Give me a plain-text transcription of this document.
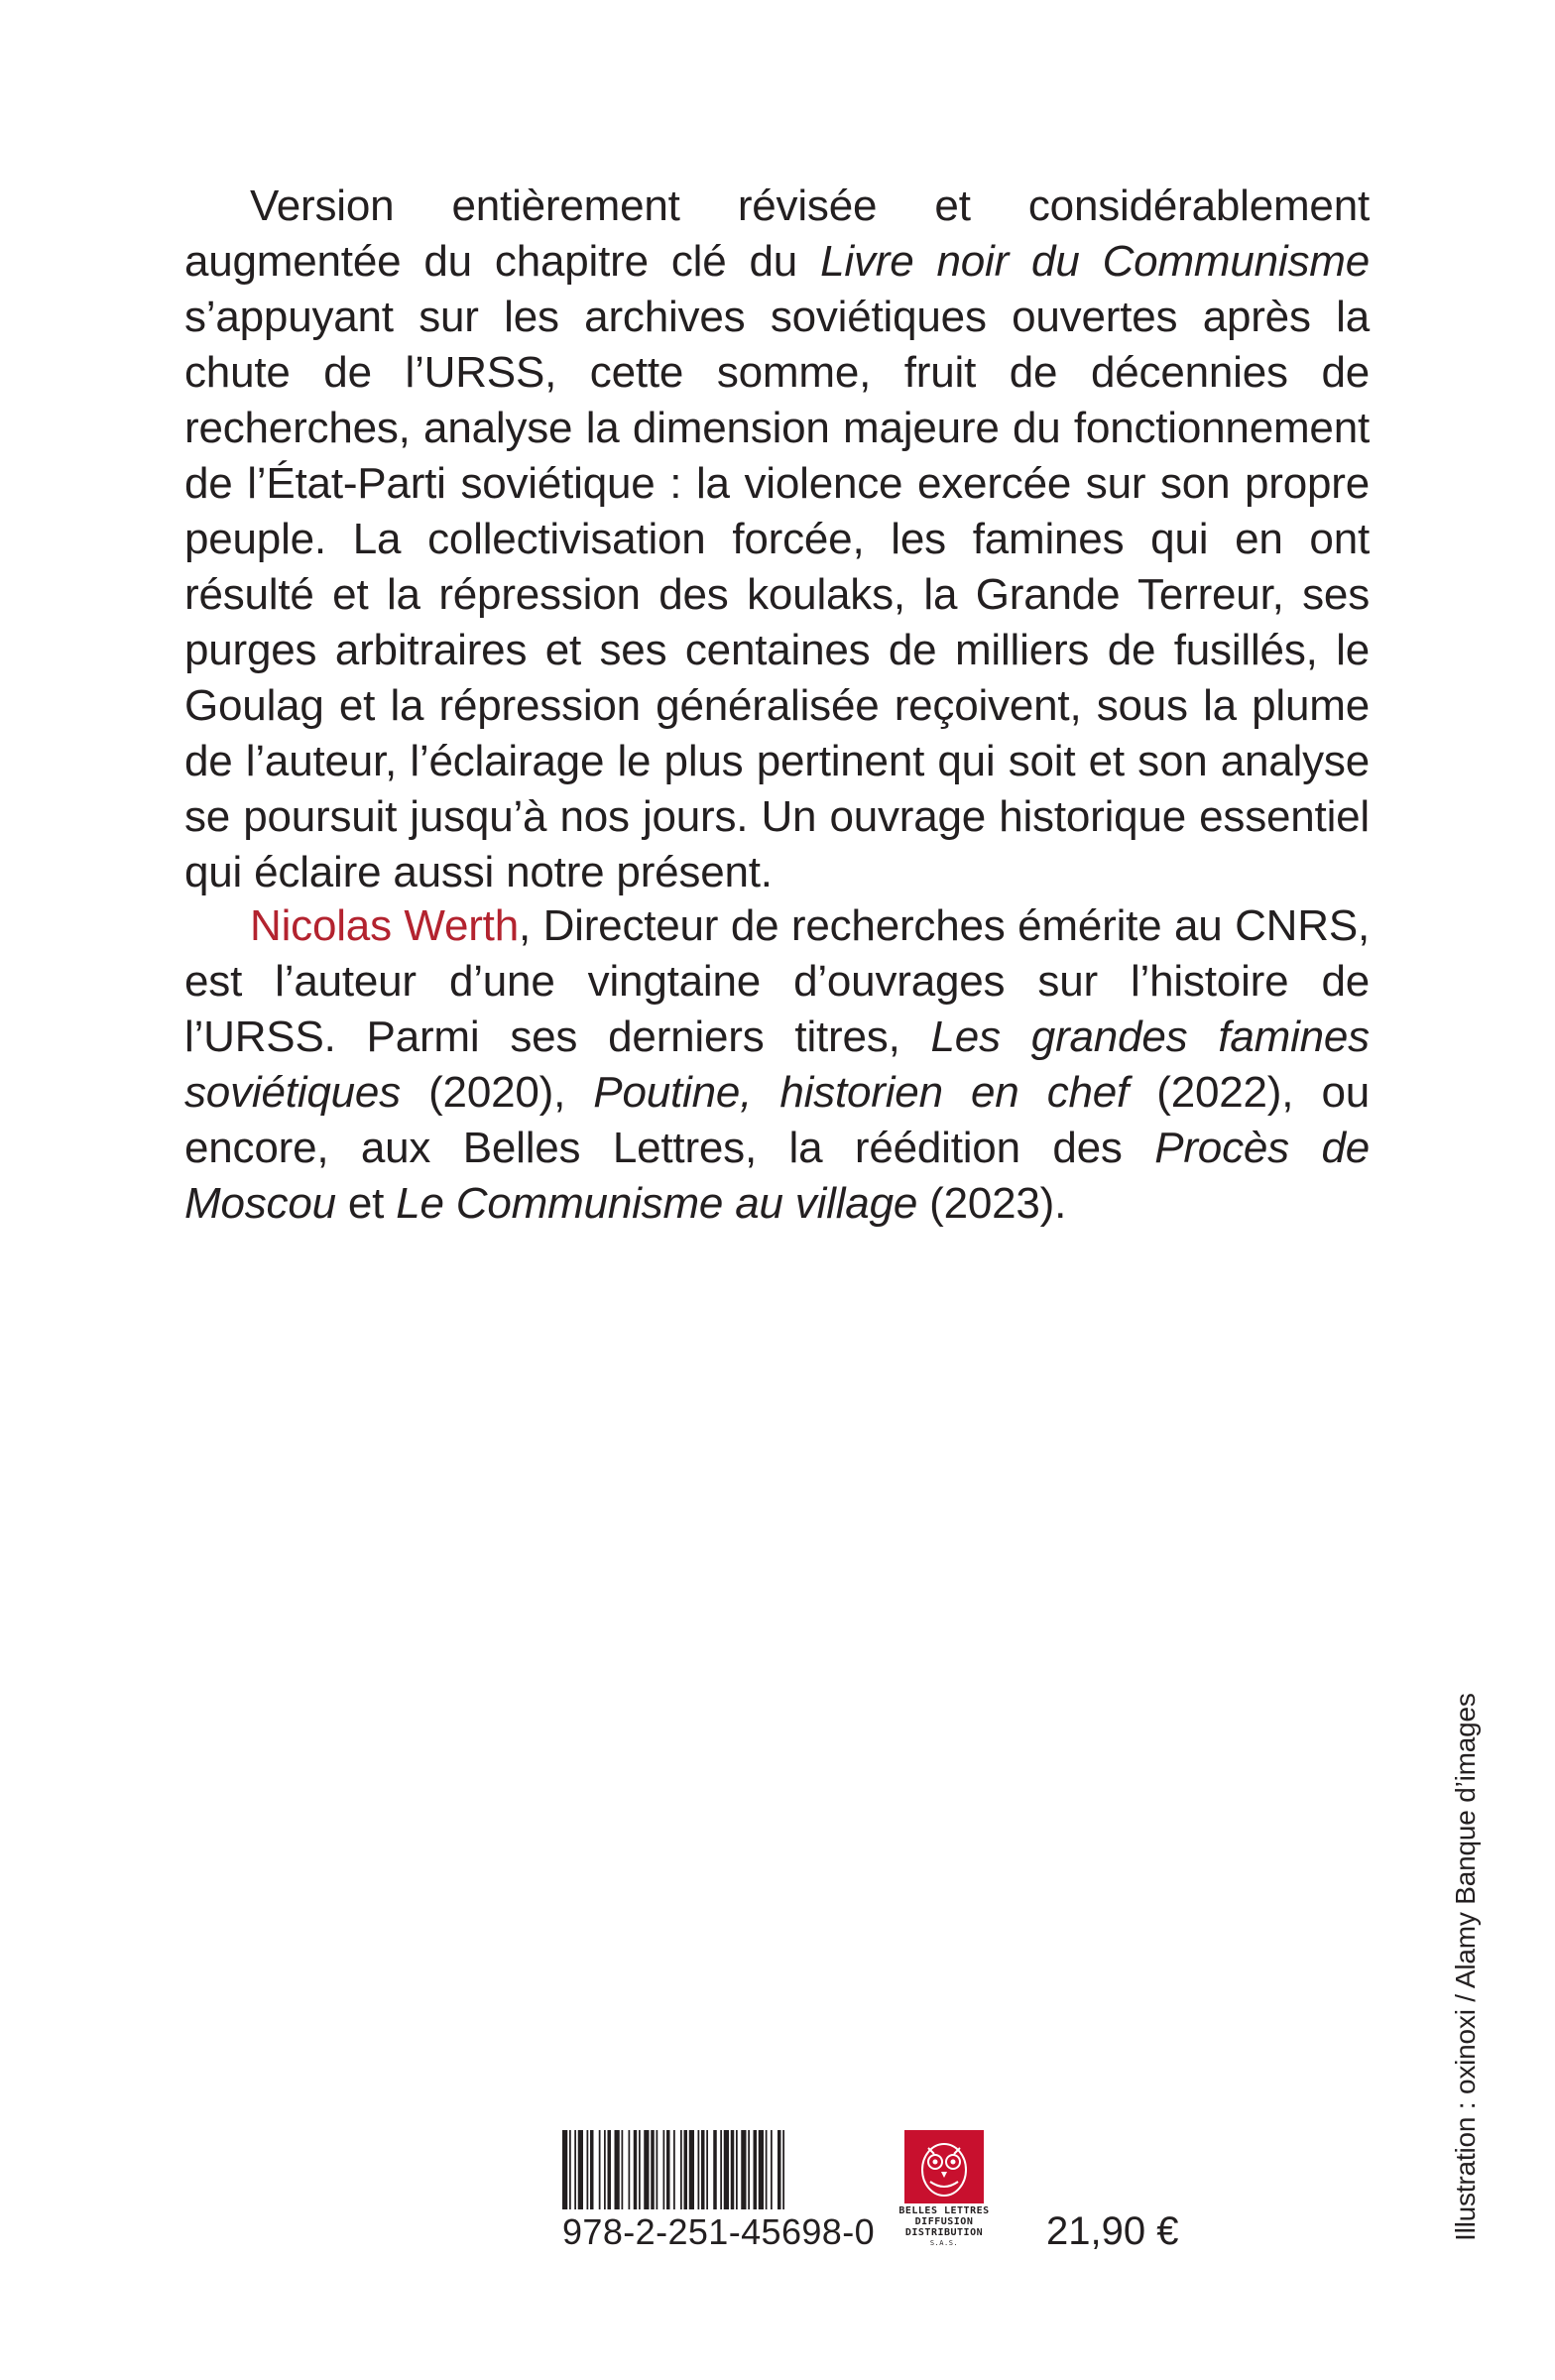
Version entièrement révisée et considérablement augmentée du chapitre clé du Livre noir du Communisme s’appuyant sur les archives soviétiques ouvertes après la chute de l’URSS, cette somme, fruit de décennies de recherches, analyse la dimension majeure du fonctionnement de l’État-Parti soviétique : la violence exercée sur son propre peuple. La collectivisation forcée, les famines qui en ont résulté et la répression des koulaks, la Grande Terreur, ses purges arbitraires et ses centaines de milliers de fusillés, le Goulag et la répression généralisée reçoivent, sous la plume de l’auteur, l’éclairage le plus pertinent qui soit et son analyse se poursuit jusqu’à nos jours. Un ouvrage historique essentiel qui éclaire aussi notre présent.

Nicolas Werth, Directeur de recherches émérite au CNRS, est l’auteur d’une vingtaine d’ouvrages sur l’histoire de l’URSS. Parmi ses derniers titres, Les grandes famines soviétiques (2020), Poutine, historien en chef (2022), ou encore, aux Belles Lettres, la réédition des Procès de Moscou et Le Communisme au village (2023).

Illustration : oxinoxi / Alamy Banque d’images
BELLES LETTRES
DIFFUSION
DISTRIBUTION
S.A.S.
978-2-251-45698-0	21,90 €
